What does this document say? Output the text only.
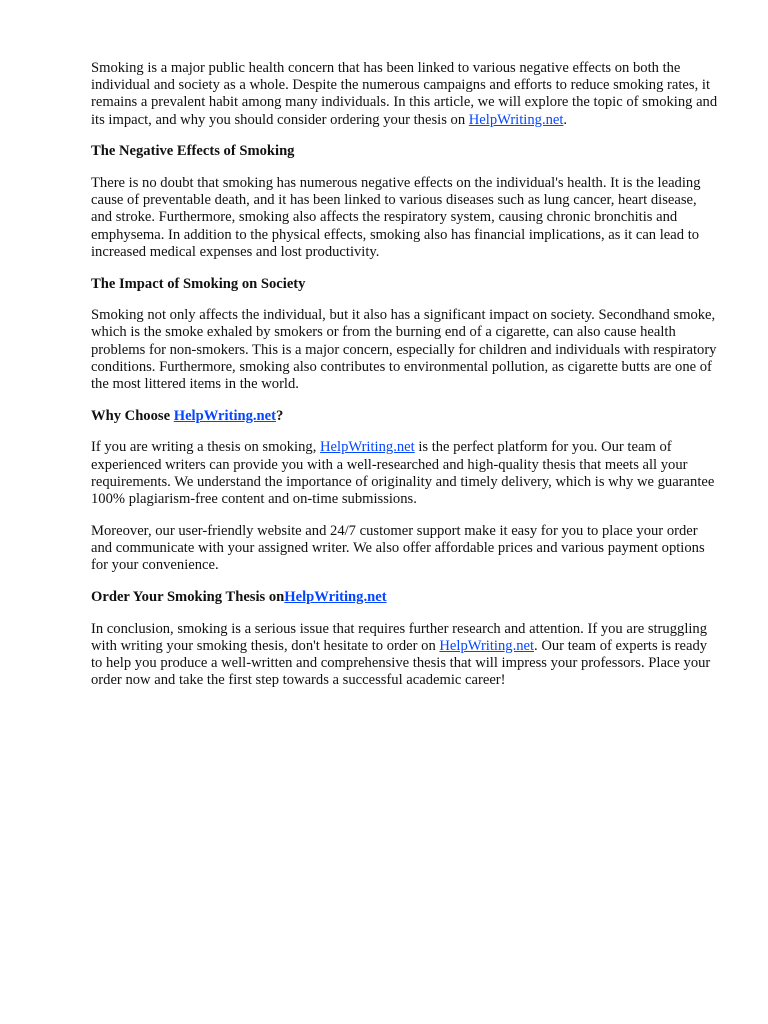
Smoking is a major public health concern that has been linked to various negative effects on both the individual and society as a whole. Despite the numerous campaigns and efforts to reduce smoking rates, it remains a prevalent habit among many individuals. In this article, we will explore the topic of smoking and its impact, and why you should consider ordering your thesis on HelpWriting.net.

The Negative Effects of Smoking

There is no doubt that smoking has numerous negative effects on the individual's health. It is the leading cause of preventable death, and it has been linked to various diseases such as lung cancer, heart disease, and stroke. Furthermore, smoking also affects the respiratory system, causing chronic bronchitis and emphysema. In addition to the physical effects, smoking also has financial implications, as it can lead to increased medical expenses and lost productivity.

The Impact of Smoking on Society

Smoking not only affects the individual, but it also has a significant impact on society. Secondhand smoke, which is the smoke exhaled by smokers or from the burning end of a cigarette, can also cause health problems for non-smokers. This is a major concern, especially for children and individuals with respiratory conditions. Furthermore, smoking also contributes to environmental pollution, as cigarette butts are one of the most littered items in the world.

Why Choose HelpWriting.net?

If you are writing a thesis on smoking, HelpWriting.net is the perfect platform for you. Our team of experienced writers can provide you with a well-researched and high-quality thesis that meets all your requirements. We understand the importance of originality and timely delivery, which is why we guarantee 100% plagiarism-free content and on-time submissions.

Moreover, our user-friendly website and 24/7 customer support make it easy for you to place your order and communicate with your assigned writer. We also offer affordable prices and various payment options for your convenience.

Order Your Smoking Thesis onHelpWriting.net

In conclusion, smoking is a serious issue that requires further research and attention. If you are struggling with writing your smoking thesis, don't hesitate to order on HelpWriting.net. Our team of experts is ready to help you produce a well-written and comprehensive thesis that will impress your professors. Place your order now and take the first step towards a successful academic career!
